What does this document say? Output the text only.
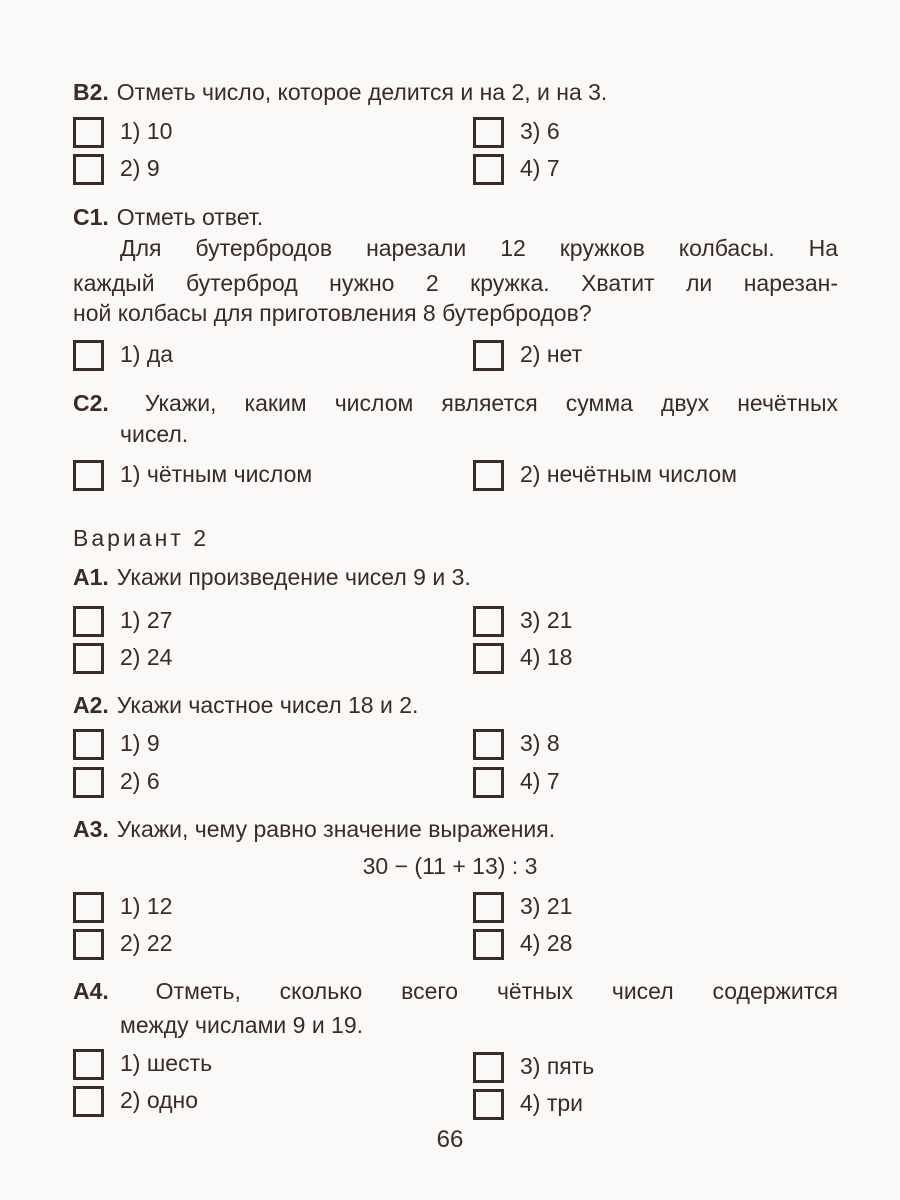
В2. Отметь число, которое делится и на 2, и на 3.
1) 10
2) 9
3) 6
4) 7
С1. Отметь ответ.
Для бутербродов нарезали 12 кружков колбасы. На
каждый бутерброд нужно 2 кружка. Хватит ли нарезан-
ной колбасы для приготовления 8 бутербродов?
1) да	2) нет
С2. Укажи, каким числом является сумма двух нечётных
чисел.
1) чётным числом	2) нечётным числом
Вариант 2
А1. Укажи произведение чисел 9 и 3.
1) 27
2) 24
3) 21
4) 18
А2. Укажи частное чисел 18 и 2.
1) 9
2) 6
3) 8
4) 7
А3. Укажи, чему равно значение выражения.
30 − (11 + 13) : 3
1) 12
2) 22
3) 21
4) 28
А4. Отметь, сколько всего чётных чисел содержится
между числами 9 и 19.
1) шесть
2) одно
3) пять
4) три
66
